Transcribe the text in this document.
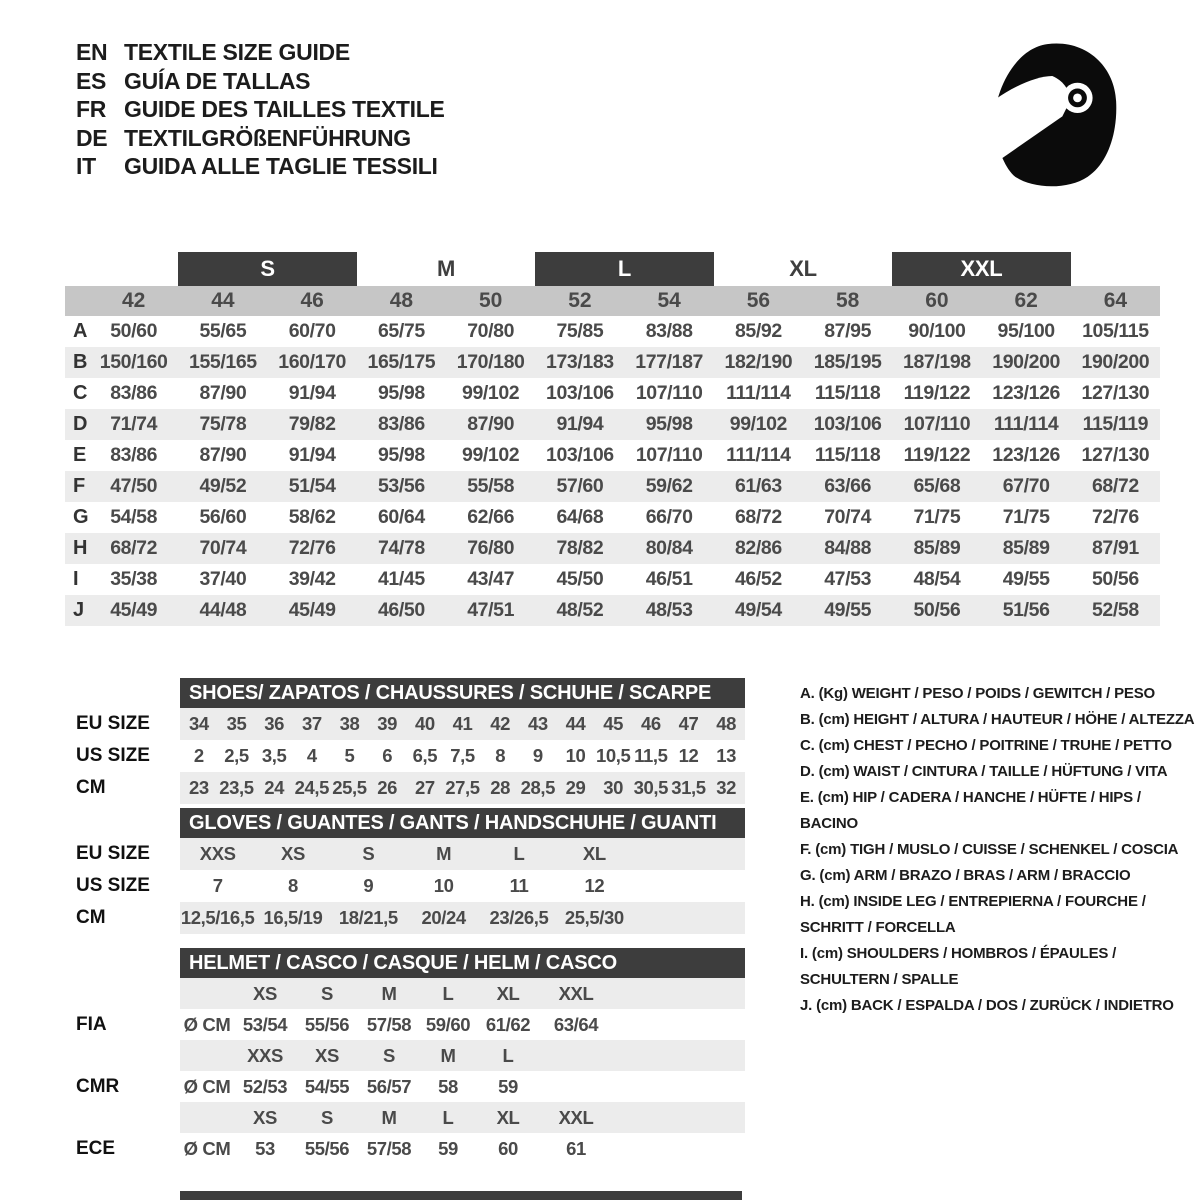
EN TEXTILE SIZE GUIDE
ES GUÍA DE TALLAS
FR GUIDE DES TAILLES TEXTILE
DE TEXTILGRÖßENFÜHRUNG
IT	GUIDA ALLE TAGLIE TESSILI
S	M	L	XL	XXL
42	44	46	48	50	52	54	56	58	60	62	64
A	50/60	55/65	60/70	65/75	70/80	75/85	83/88	85/92	87/95	90/100	95/100	105/115
B 150/160	155/165	160/170	165/175	170/180	173/183	177/187	182/190	185/195	187/198	190/200	190/200
C	83/86	87/90	91/94	95/98	99/102	103/106	107/110	111/114	115/118	119/122	123/126	127/130
D	71/74	75/78	79/82	83/86	87/90	91/94	95/98	99/102	103/106	107/110	111/114	115/119
E	83/86	87/90	91/94	95/98	99/102	103/106	107/110	111/114	115/118	119/122	123/126	127/130
F	47/50	49/52	51/54	53/56	55/58	57/60	59/62	61/63	63/66	65/68	67/70	68/72
G	54/58	56/60	58/62	60/64	62/66	64/68	66/70	68/72	70/74	71/75	71/75	72/76
H	68/72	70/74	72/76	74/78	76/80	78/82	80/84	82/86	84/88	85/89	85/89	87/91
I	35/38	37/40	39/42	41/45	43/47	45/50	46/51	46/52	47/53	48/54	49/55	50/56
J	45/49	44/48	45/49	46/50	47/51	48/52	48/53	49/54	49/55	50/56	51/56	52/58
SHOES/ ZAPATOS / CHAUSSURES / SCHUHE / SCARPE
EU SIZE	34 35 36 37 38 39 40 41 42 43 44 45 46 47 48
US SIZE	2	2,5 3,5	4	5	6	6,5 7,5	8	9	10 10,5 11,5 12 13
CM	23 23,5 24 24,5 25,5 26 27 27,5 28 28,5 29 30 30,5 31,5 32
GLOVES / GUANTES / GANTS / HANDSCHUHE / GUANTI
EU SIZE	XXS	XS	S	M	L	XL
US SIZE	7	8	9	10	11	12
CM	12,5/16,5 16,5/19 18/21,5	20/24	23/26,5 25,5/30
HELMET / CASCO / CASQUE / HELM / CASCO
XS	S	M	L	XL	XXL
FIA	Ø CM 53/54 55/56 57/58 59/60 61/62	63/64
XXS	XS	S	M	L
CMR	Ø CM 52/53 54/55 56/57	58	59
XS	S	M	L	XL	XXL
ECE	Ø CM	53	55/56 57/58	59	60	61
A. (Kg) WEIGHT / PESO / POIDS / GEWITCH / PESO
B. (cm) HEIGHT / ALTURA / HAUTEUR / HÖHE / ALTEZZA
C. (cm) CHEST / PECHO / POITRINE / TRUHE / PETTO
D. (cm) WAIST / CINTURA / TAILLE / HÜFTUNG / VITA
E. (cm) HIP / CADERA / HANCHE / HÜFTE / HIPS / BACINO
F. (cm) TIGH / MUSLO / CUISSE / SCHENKEL / COSCIA
G. (cm) ARM / BRAZO / BRAS / ARM / BRACCIO
H. (cm) INSIDE LEG / ENTREPIERNA / FOURCHE / SCHRITT / FORCELLA
I. (cm) SHOULDERS / HOMBROS / ÉPAULES / SCHULTERN / SPALLE
J. (cm) BACK / ESPALDA / DOS / ZURÜCK / INDIETRO
